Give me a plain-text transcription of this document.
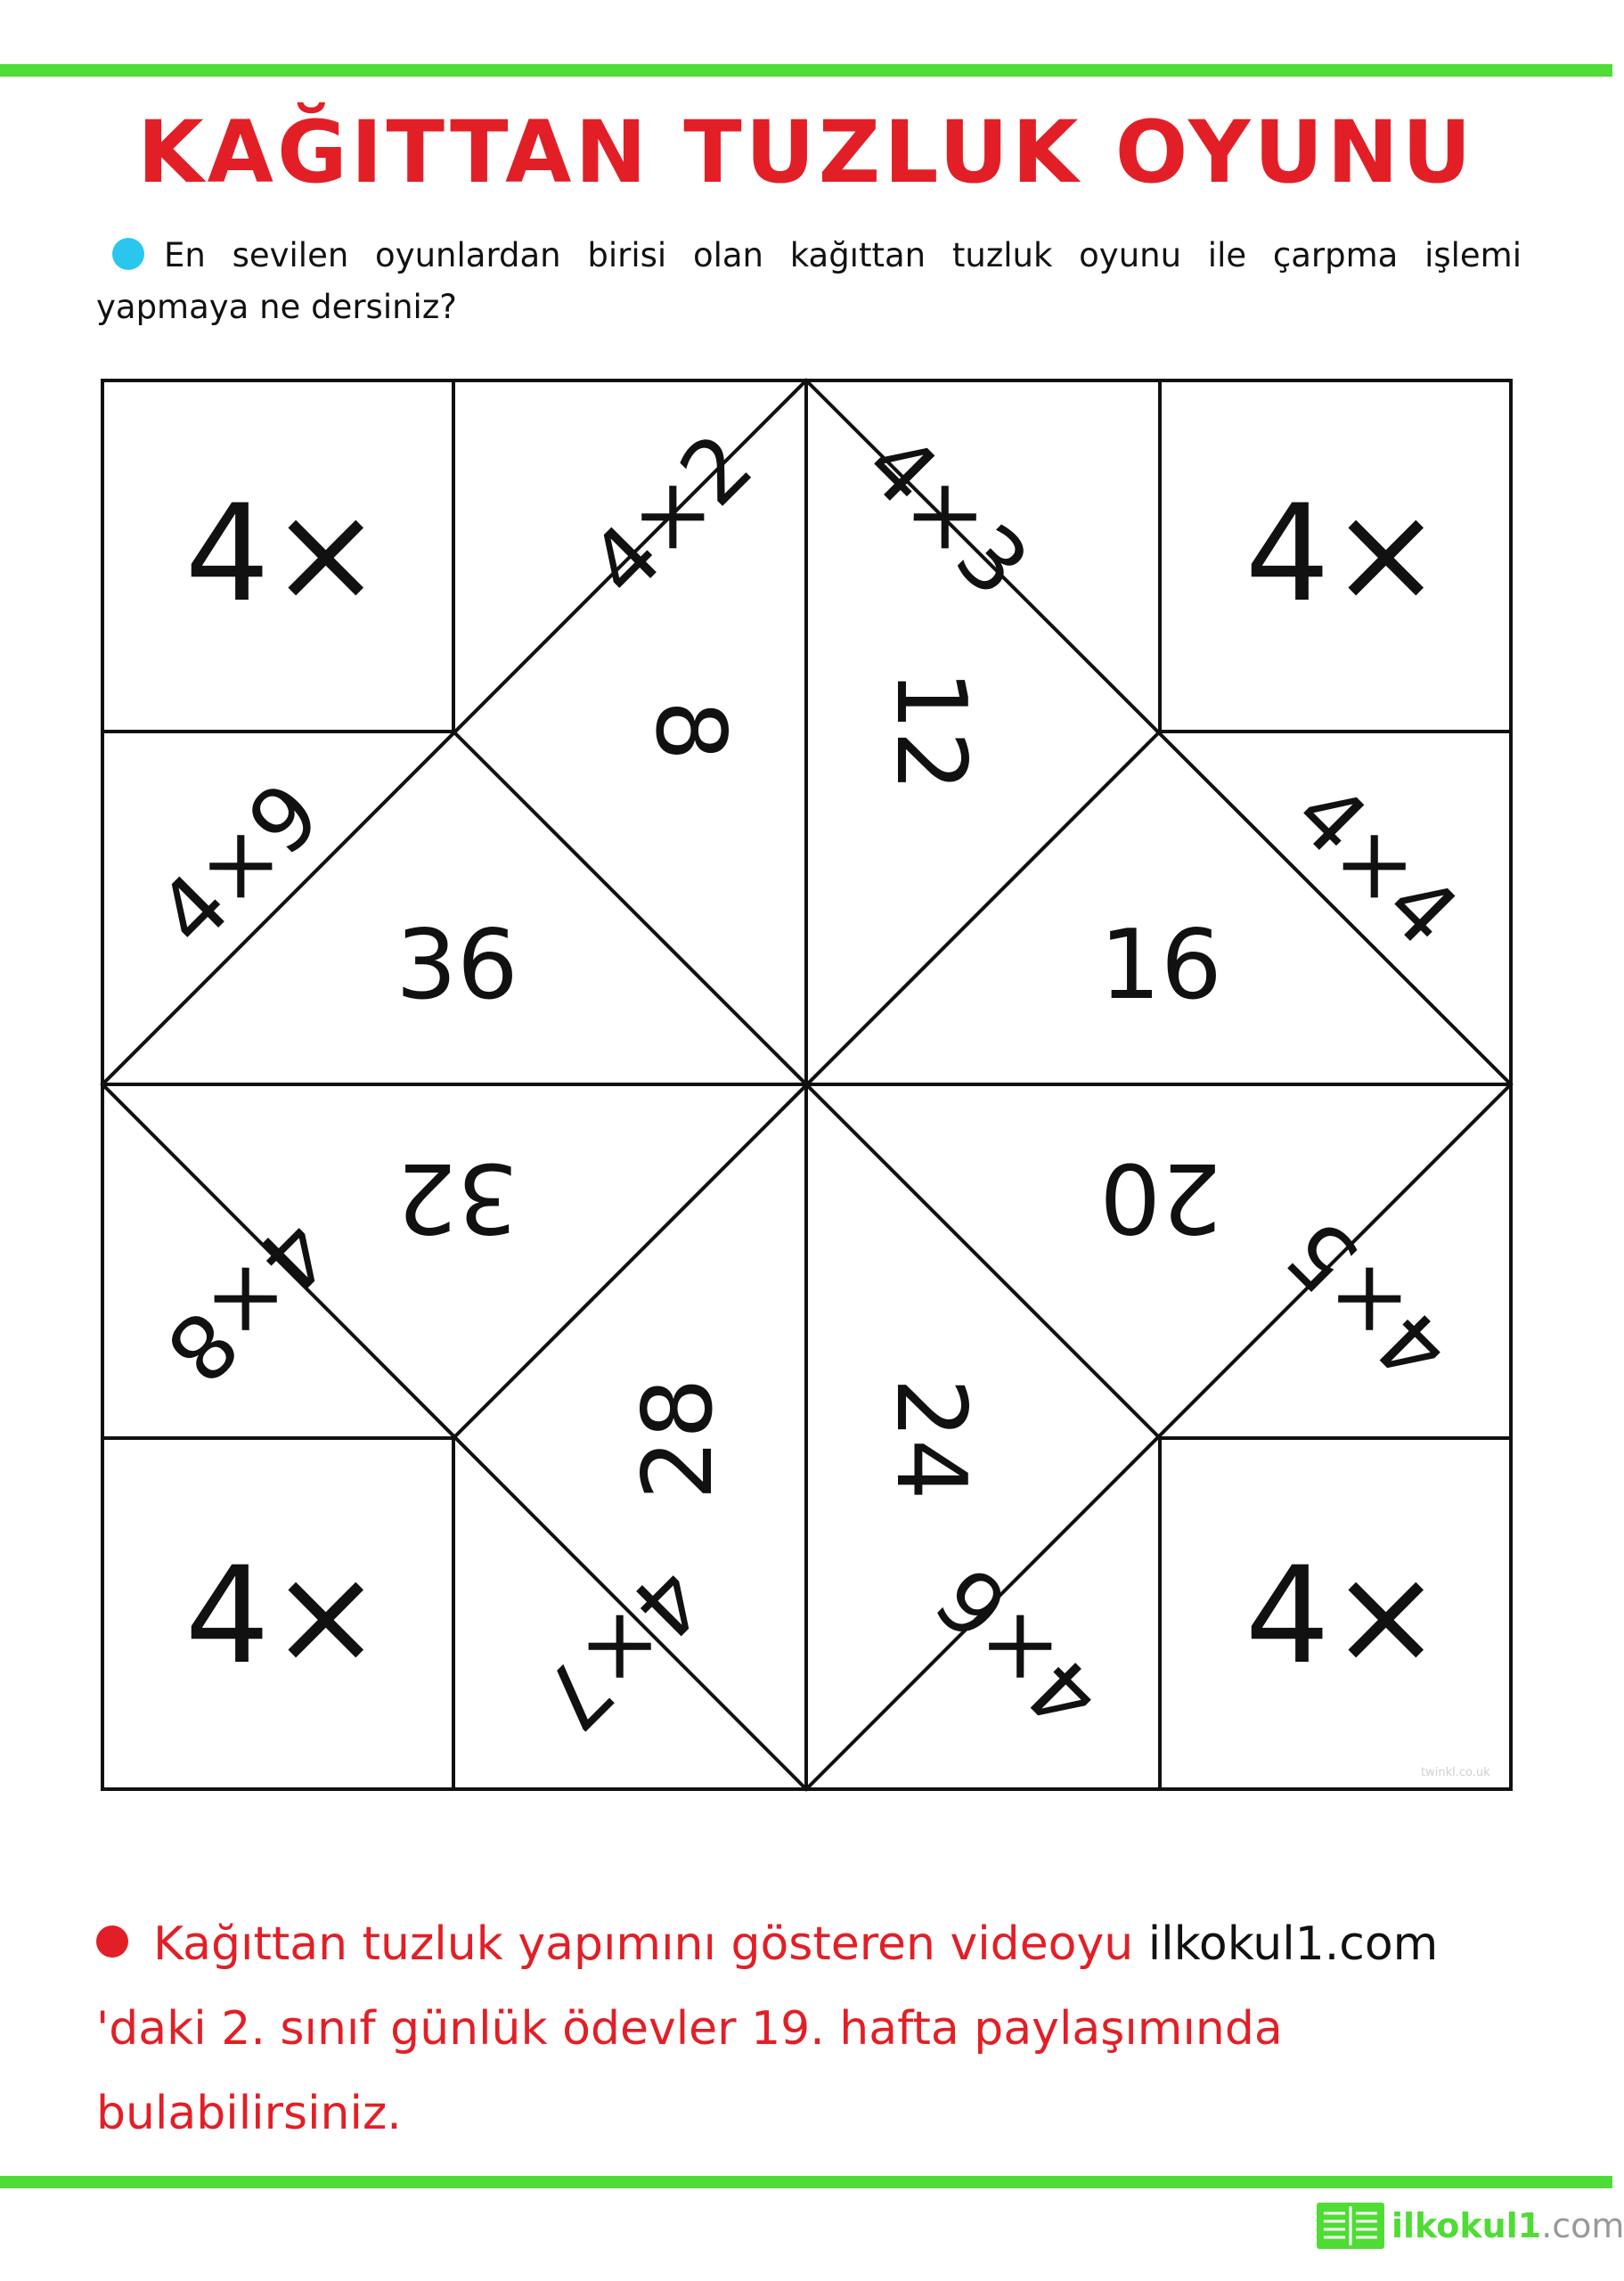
KAĞITTAN TUZLUK OYUNU
En sevilen oyunlardan birisi olan kağıttan tuzluk oyunu ile çarpma işlemi yapmaya ne dersiniz?
4×	4×
4×	4×
4×2 4×3
4×4
4×5
4×6
4×7
4×8
4×9
8 12
16
20
24
28
32
36
twinkl.co.uk
Kağıttan tuzluk yapımını gösteren videoyu ilkokul1.com 'daki 2. sınıf günlük ödevler 19. hafta paylaşımında bulabilirsiniz.
ilkokul1.com
